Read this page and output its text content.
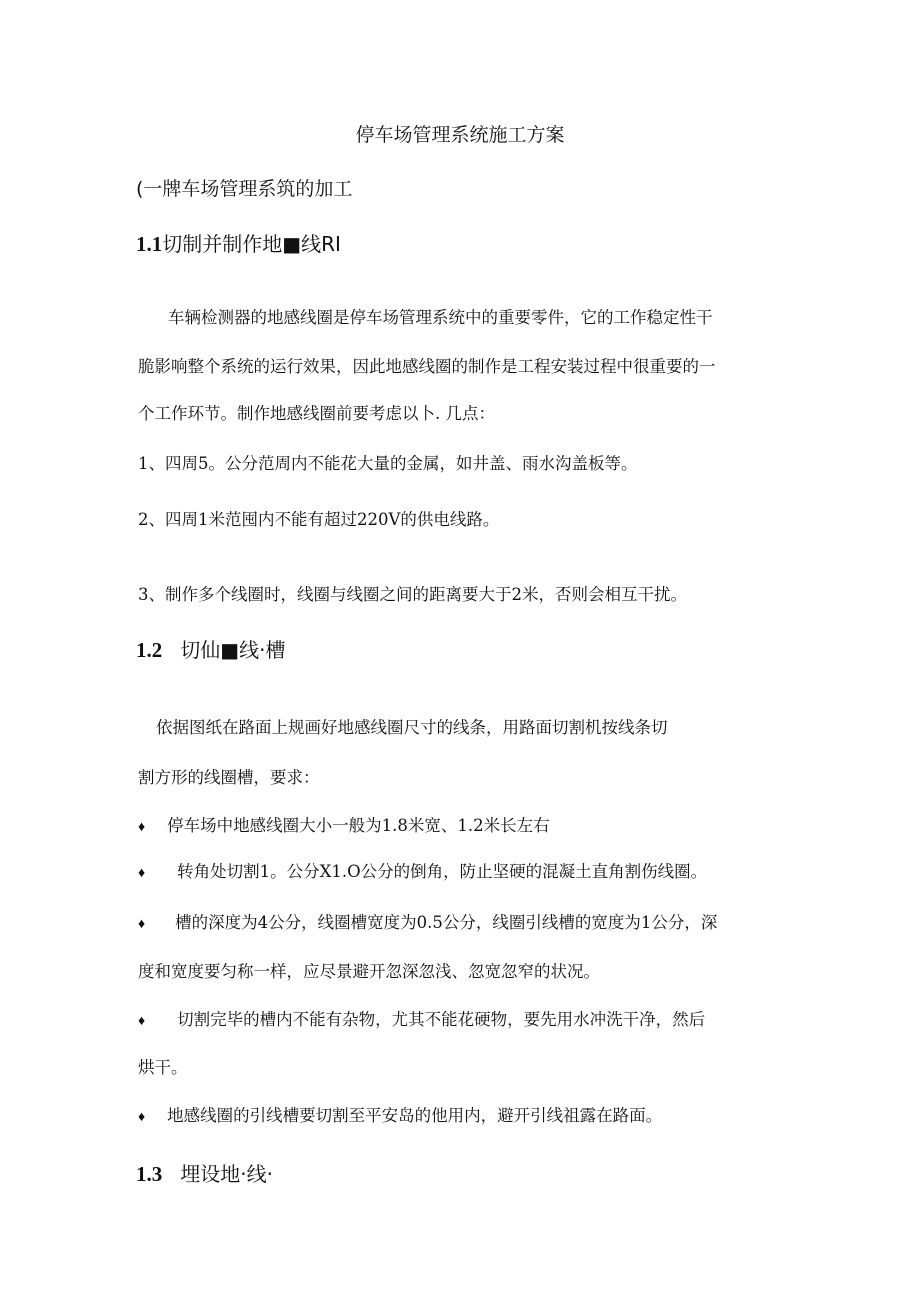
停车场管理系统施工方案
(一牌车场管理系筑的加工
1.1切制并制作地■线RI
车辆检测器的地感线圈是停车场管理系统中的重要零件，它的工作稳定性干
脆影响整个系统的运行效果，因此地感线圈的制作是工程安装过程中很重要的一
个工作环节。制作地感线圈前要考虑以卜. 几点：
1、四周5。公分范周内不能花大量的金属，如井盖、雨水沟盖板等。
2、四周1米范囤内不能有超过220V的供电线路。
3、制作多个线圈时，线圈与线圈之间的距离要大于2米，否则会相互干扰。
1.2 切仙■线·槽
依据图纸在路面上规画好地感线圈尺寸的线条，用路面切割机按线条切
割方形的线圈槽，要求：
♦ 停车场中地感线圈大小一般为1.8米宽、1.2米长左右
♦ 转角处切割1。公分X1.O公分的倒角，防止坚硬的混凝土直角割伤线圈。
♦ 槽的深度为4公分，线圈槽宽度为0.5公分，线圈引线槽的宽度为1公分，深
度和宽度要匀称一样，应尽景避开忽深忽浅、忽宽忽窄的状况。
♦ 切割完毕的槽内不能有杂物，尤其不能花硬物，要先用水冲洗干净，然后
烘干。
♦ 地感线圈的引线槽要切割至平安岛的他用内，避开引线祖露在路面。
1.3 埋设地·线·
